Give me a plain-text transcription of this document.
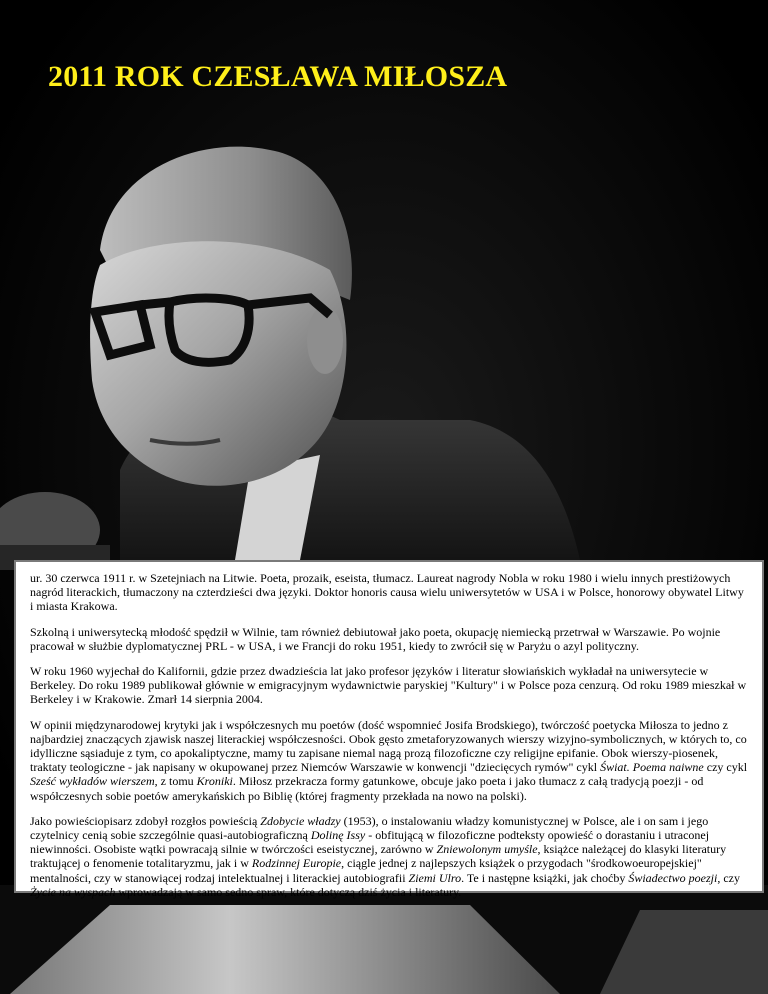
2011 ROK CZESŁAWA MIŁOSZA

ur. 30 czerwca 1911 r. w Szetejniach na Litwie. Poeta, prozaik, eseista, tłumacz. Laureat nagrody Nobla w roku 1980 i wielu innych prestiżowych nagród literackich, tłumaczony na czterdzieści dwa języki. Doktor honoris causa wielu uniwersytetów w USA i w Polsce, honorowy obywatel Litwy i miasta Krakowa.

Szkolną i uniwersytecką młodość spędził w Wilnie, tam również debiutował jako poeta, okupację niemiecką przetrwał w Warszawie. Po wojnie pracował w służbie dyplomatycznej PRL - w USA, i we Francji do roku 1951, kiedy to zwrócił się w Paryżu o azyl polityczny.

W roku 1960 wyjechał do Kalifornii, gdzie przez dwadzieścia lat jako profesor języków i literatur słowiańskich wykładał na uniwersytecie w Berkeley. Do roku 1989 publikował głównie w emigracyjnym wydawnictwie paryskiej "Kultury" i w Polsce poza cenzurą. Od roku 1989 mieszkał w Berkeley i w Krakowie. Zmarł 14 sierpnia 2004.

W opinii międzynarodowej krytyki jak i współczesnych mu poetów (dość wspomnieć Josifa Brodskiego), twórczość poetycka Miłosza to jedno z najbardziej znaczących zjawisk naszej literackiej współczesności. Obok gęsto zmetaforyzowanych wierszy wizyjno-symbolicznych, w których to, co idylliczne sąsiaduje z tym, co apokaliptyczne, mamy tu zapisane niemal nagą prozą filozoficzne czy religijne epifanie. Obok wierszy-piosenek, traktaty teologiczne - jak napisany w okupowanej przez Niemców Warszawie w konwencji "dziecięcych rymów" cykl Świat. Poema naiwne czy cykl Sześć wykładów wierszem, z tomu Kroniki. Miłosz przekracza formy gatunkowe, obcuje jako poeta i jako tłumacz z całą tradycją poezji - od współczesnych sobie poetów amerykańskich po Biblię (której fragmenty przekłada na nowo na polski).

Jako powieściopisarz zdobył rozgłos powieścią Zdobycie władzy (1953), o instalowaniu władzy komunistycznej w Polsce, ale i on sam i jego czytelnicy cenią sobie szczególnie quasi-autobiograficzną Dolinę Issy - obfitującą w filozoficzne podteksty opowieść o dorastaniu i utraconej niewinności. Osobiste wątki powracają silnie w twórczości eseistycznej, zarówno w Zniewolonym umyśle, książce należącej do klasyki literatury traktującej o fenomenie totalitaryzmu, jak i w Rodzinnej Europie, ciągle jednej z najlepszych książek o przygodach "środkowoeuropejskiej" mentalności, czy w stanowiącej rodzaj intelektualnej i literackiej autobiografii Ziemi Ulro. Te i następne książki, jak choćby Świadectwo poezji, czy Życie na wyspach wprowadzają w samo sedno spraw, które dotyczą dziś życia i literatury.
